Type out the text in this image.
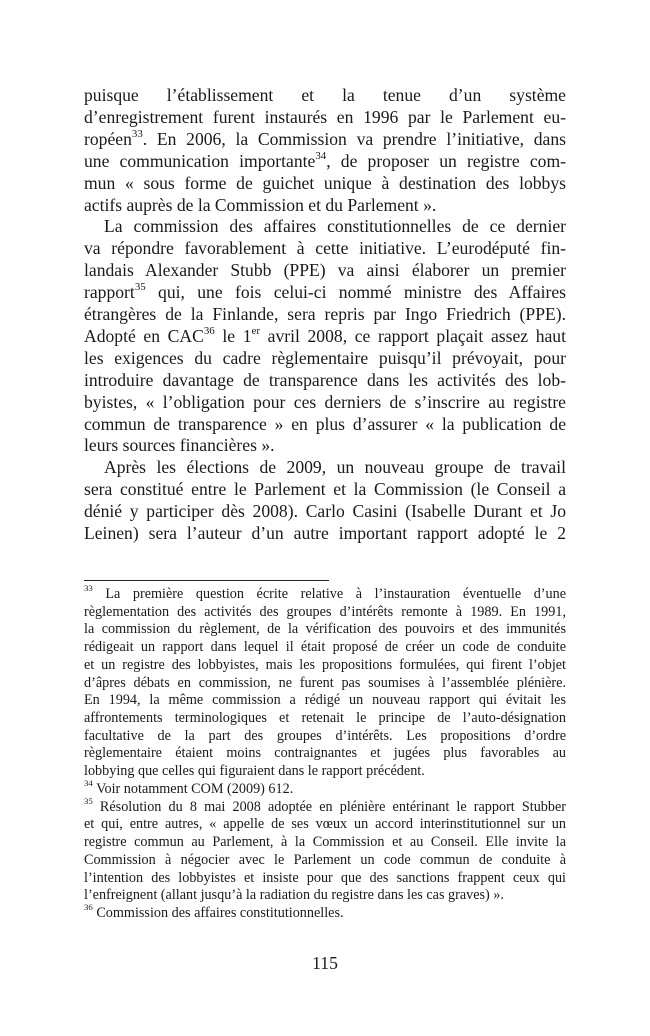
puisque l’établissement et la tenue d’un système
d’enregistrement furent instaurés en 1996 par le Parlement eu-
ropéen$^{33}$. En 2006, la Commission va prendre l’initiative, dans
une communication importante$^{34}$, de proposer un registre com-
mun « sous forme de guichet unique à destination des lobbys
actifs auprès de la Commission et du Parlement ».
La commission des affaires constitutionnelles de ce dernier
va répondre favorablement à cette initiative. L’eurodéputé fin-
landais Alexander Stubb (PPE) va ainsi élaborer un premier
rapport$^{35}$ qui, une fois celui-ci nommé ministre des Affaires
étrangères de la Finlande, sera repris par Ingo Friedrich (PPE).
Adopté en CAC$^{36}$ le 1er avril 2008, ce rapport plaçait assez haut
les exigences du cadre règlementaire puisqu’il prévoyait, pour
introduire davantage de transparence dans les activités des lob-
byistes, « l’obligation pour ces derniers de s’inscrire au registre
commun de transparence » en plus d’assurer « la publication de
leurs sources financières ».
Après les élections de 2009, un nouveau groupe de travail
sera constitué entre le Parlement et la Commission (le Conseil a
dénié y participer dès 2008). Carlo Casini (Isabelle Durant et Jo
Leinen) sera l’auteur d’un autre important rapport adopté le 2
$^{33}$ La première question écrite relative à l’instauration éventuelle d’une
règlementation des activités des groupes d’intérêts remonte à 1989. En 1991,
la commission du règlement, de la vérification des pouvoirs et des immunités
rédigeait un rapport dans lequel il était proposé de créer un code de conduite
et un registre des lobbyistes, mais les propositions formulées, qui firent l’objet
d’âpres débats en commission, ne furent pas soumises à l’assemblée plénière.
En 1994, la même commission a rédigé un nouveau rapport qui évitait les
affrontements terminologiques et retenait le principe de l’auto-désignation
facultative de la part des groupes d’intérêts. Les propositions d’ordre
règlementaire étaient moins contraignantes et jugées plus favorables au
lobbying que celles qui figuraient dans le rapport précédent.
$^{34}$ Voir notamment COM (2009) 612.
$^{35}$ Résolution du 8 mai 2008 adoptée en plénière entérinant le rapport Stubber
et qui, entre autres, « appelle de ses vœux un accord interinstitutionnel sur un
registre commun au Parlement, à la Commission et au Conseil. Elle invite la
Commission à négocier avec le Parlement un code commun de conduite à
l’intention des lobbyistes et insiste pour que des sanctions frappent ceux qui
l’enfreignent (allant jusqu’à la radiation du registre dans les cas graves) ».
$^{36}$ Commission des affaires constitutionnelles.
115
